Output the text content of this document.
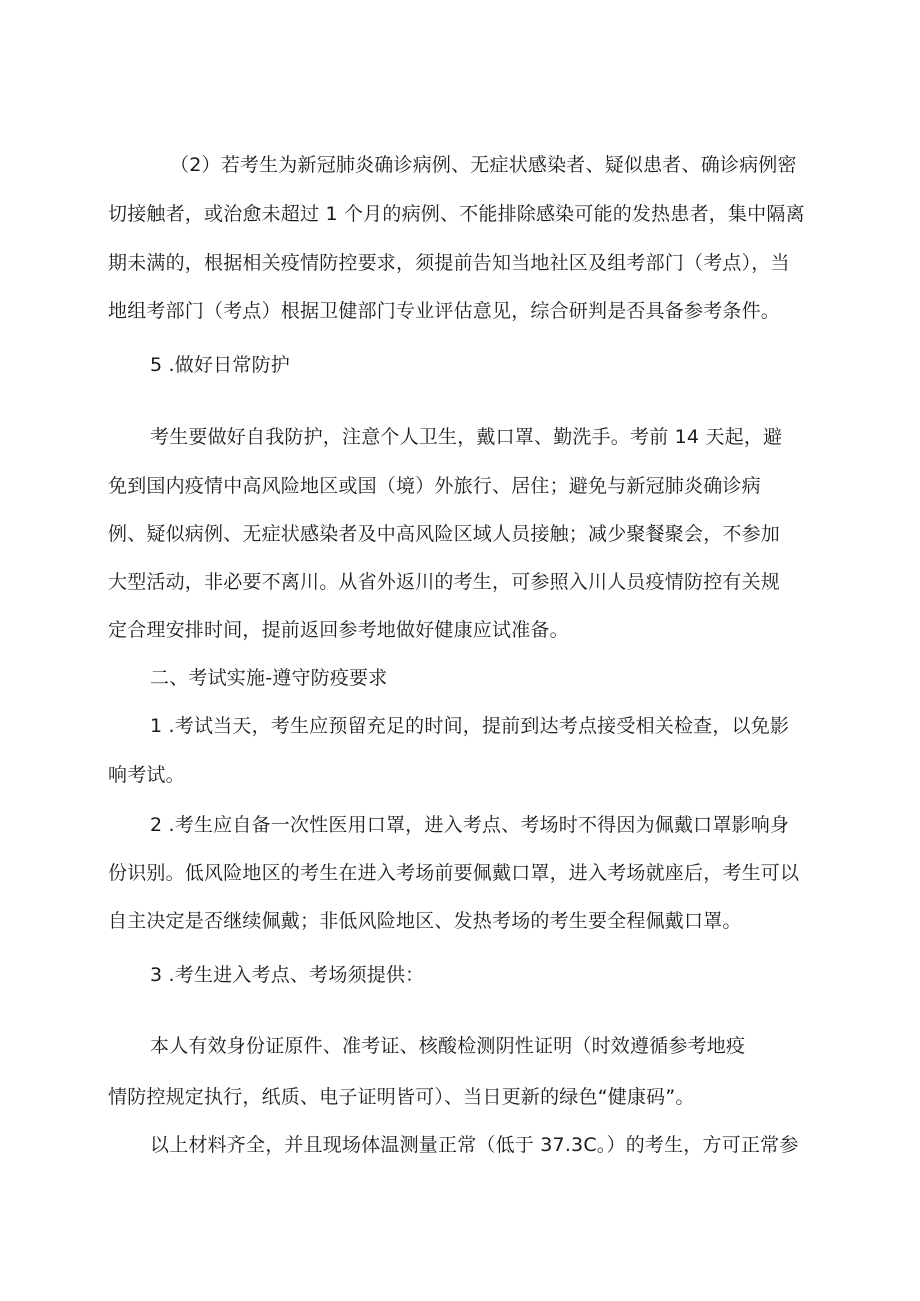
（2）若考生为新冠肺炎确诊病例、无症状感染者、疑似患者、确诊病例密
切接触者，或治愈未超过 1 个月的病例、不能排除感染可能的发热患者，集中隔离
期未满的，根据相关疫情防控要求，须提前告知当地社区及组考部门（考点），当
地组考部门（考点）根据卫健部门专业评估意见，综合研判是否具备参考条件。
5 .做好日常防护
考生要做好自我防护，注意个人卫生，戴口罩、勤洗手。考前 14 天起，避
免到国内疫情中高风险地区或国（境）外旅行、居住；避免与新冠肺炎确诊病
例、疑似病例、无症状感染者及中高风险区域人员接触；减少聚餐聚会，不参加
大型活动，非必要不离川。从省外返川的考生，可参照入川人员疫情防控有关规
定合理安排时间，提前返回参考地做好健康应试准备。
二、考试实施-遵守防疫要求
1 .考试当天，考生应预留充足的时间，提前到达考点接受相关检查，以免影
响考试。
2 .考生应自备一次性医用口罩，进入考点、考场时不得因为佩戴口罩影响身
份识别。低风险地区的考生在进入考场前要佩戴口罩，进入考场就座后，考生可以
自主决定是否继续佩戴；非低风险地区、发热考场的考生要全程佩戴口罩。
3 .考生进入考点、考场须提供：
本人有效身份证原件、准考证、核酸检测阴性证明（时效遵循参考地疫
情防控规定执行，纸质、电子证明皆可）、当日更新的绿色“健康码”。
以上材料齐全，并且现场体温测量正常（低于 37.3C。）的考生，方可正常参
